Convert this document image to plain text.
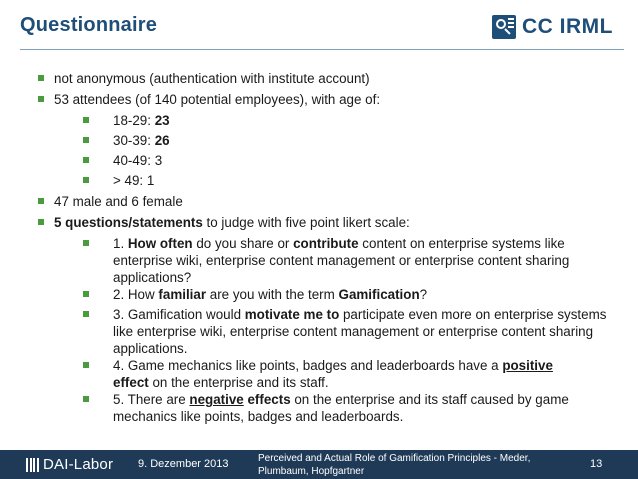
Questionnaire	CC IRML
not anonymous (authentication with institute account)
53 attendees (of 140 potential employees), with age of:
18-29: 23
30-39: 26
40-49: 3
> 49: 1
47 male and 6 female
5 questions/statements to judge with five point likert scale:
1. How often do you share or contribute content on enterprise systems like enterprise wiki, enterprise content management or enterprise content sharing applications?
2. How familiar are you with the term Gamification?
3. Gamification would motivate me to participate even more on enterprise systems like enterprise wiki, enterprise content management or enterprise content sharing applications.
4. Game mechanics like points, badges and leaderboards have a positive
effect on the enterprise and its staff.
5. There are negative effects on the enterprise and its staff caused by game mechanics like points, badges and leaderboards.
DAI-Labor 9. Dezember 2013	Perceived and Actual Role of Gamification Principles - Meder, Plumbaum, Hopfgartner
13
